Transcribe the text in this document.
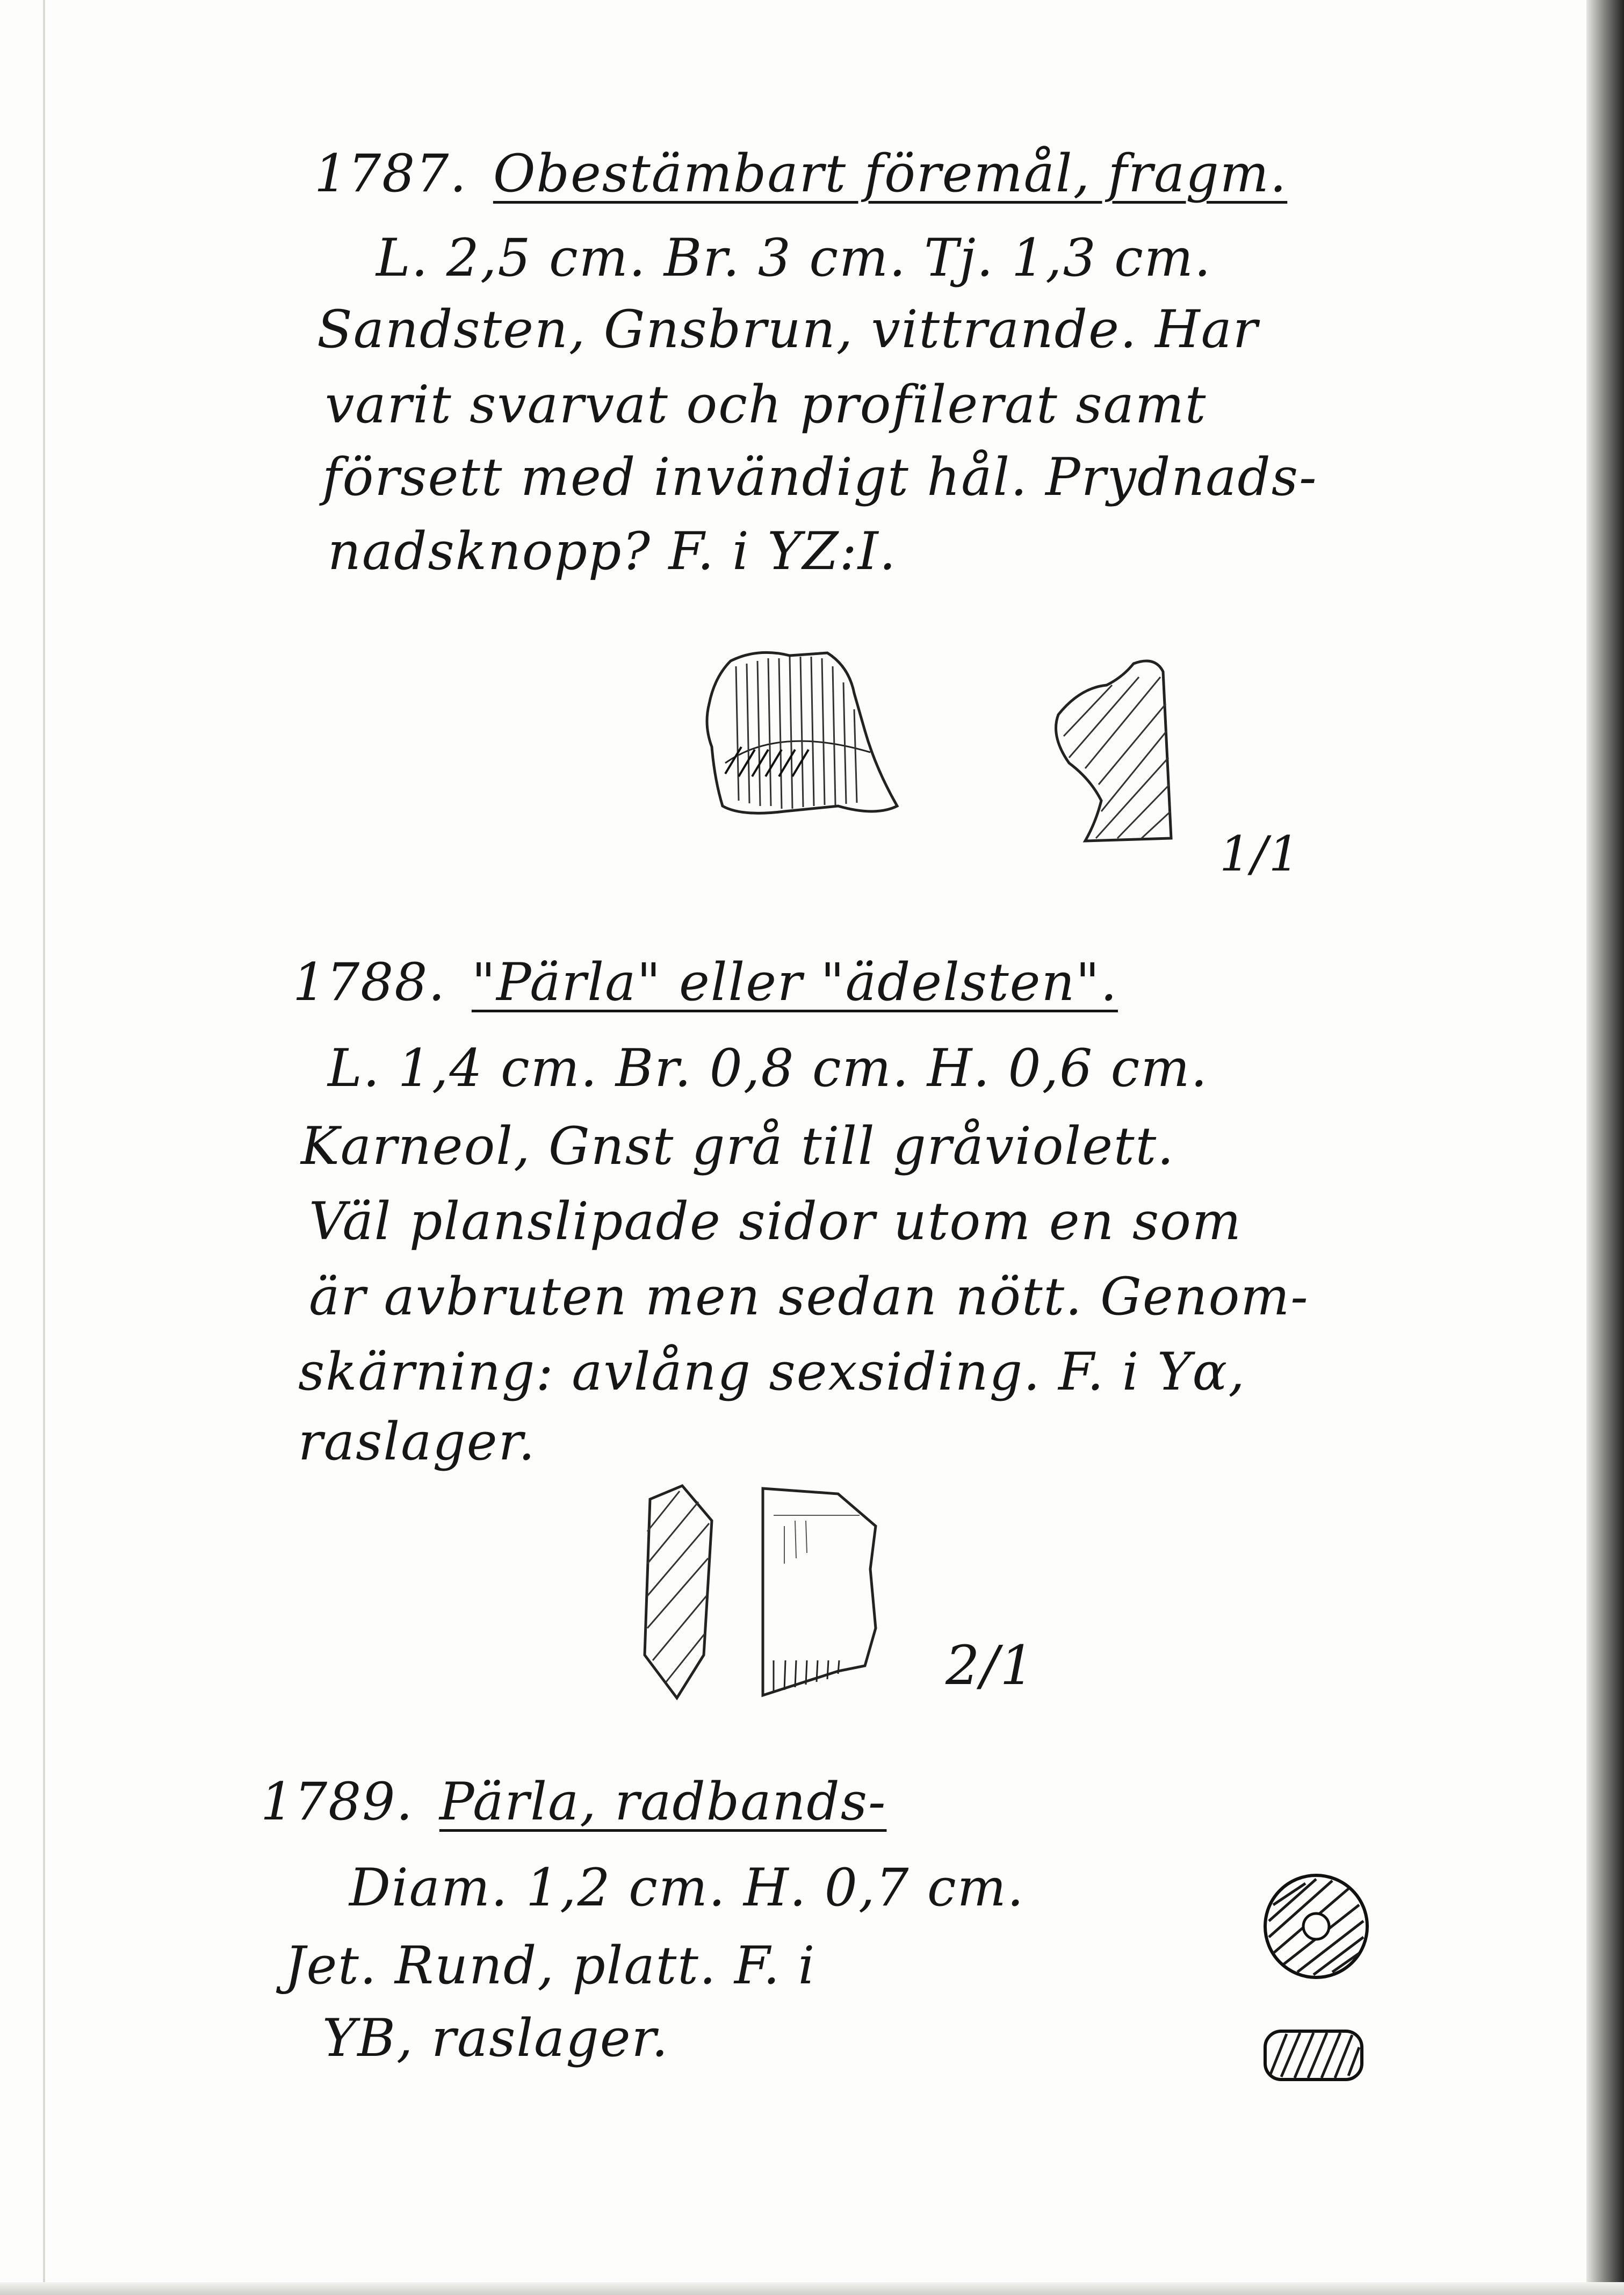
1787. Obestämbart föremål, fragm.
L. 2,5 cm. Br. 3 cm. Tj. 1,3 cm.
Sandsten, Gnsbrun, vittrande. Har
varit svarvat och profilerat samt
försett med invändigt hål. Prydnads-
nadsknopp? F. i YZ:I.
1/1
1788. "Pärla" eller "ädelsten".
L. 1,4 cm. Br. 0,8 cm. H. 0,6 cm.
Karneol, Gnst grå till gråviolett.
Väl planslipade sidor utom en som
är avbruten men sedan nött. Genom-
skärning: avlång sexsiding. F. i Yα,
raslager.
2/1
1789. Pärla, radbands-
Diam. 1,2 cm. H. 0,7 cm.
Jet. Rund, platt. F. i
YB, raslager.
